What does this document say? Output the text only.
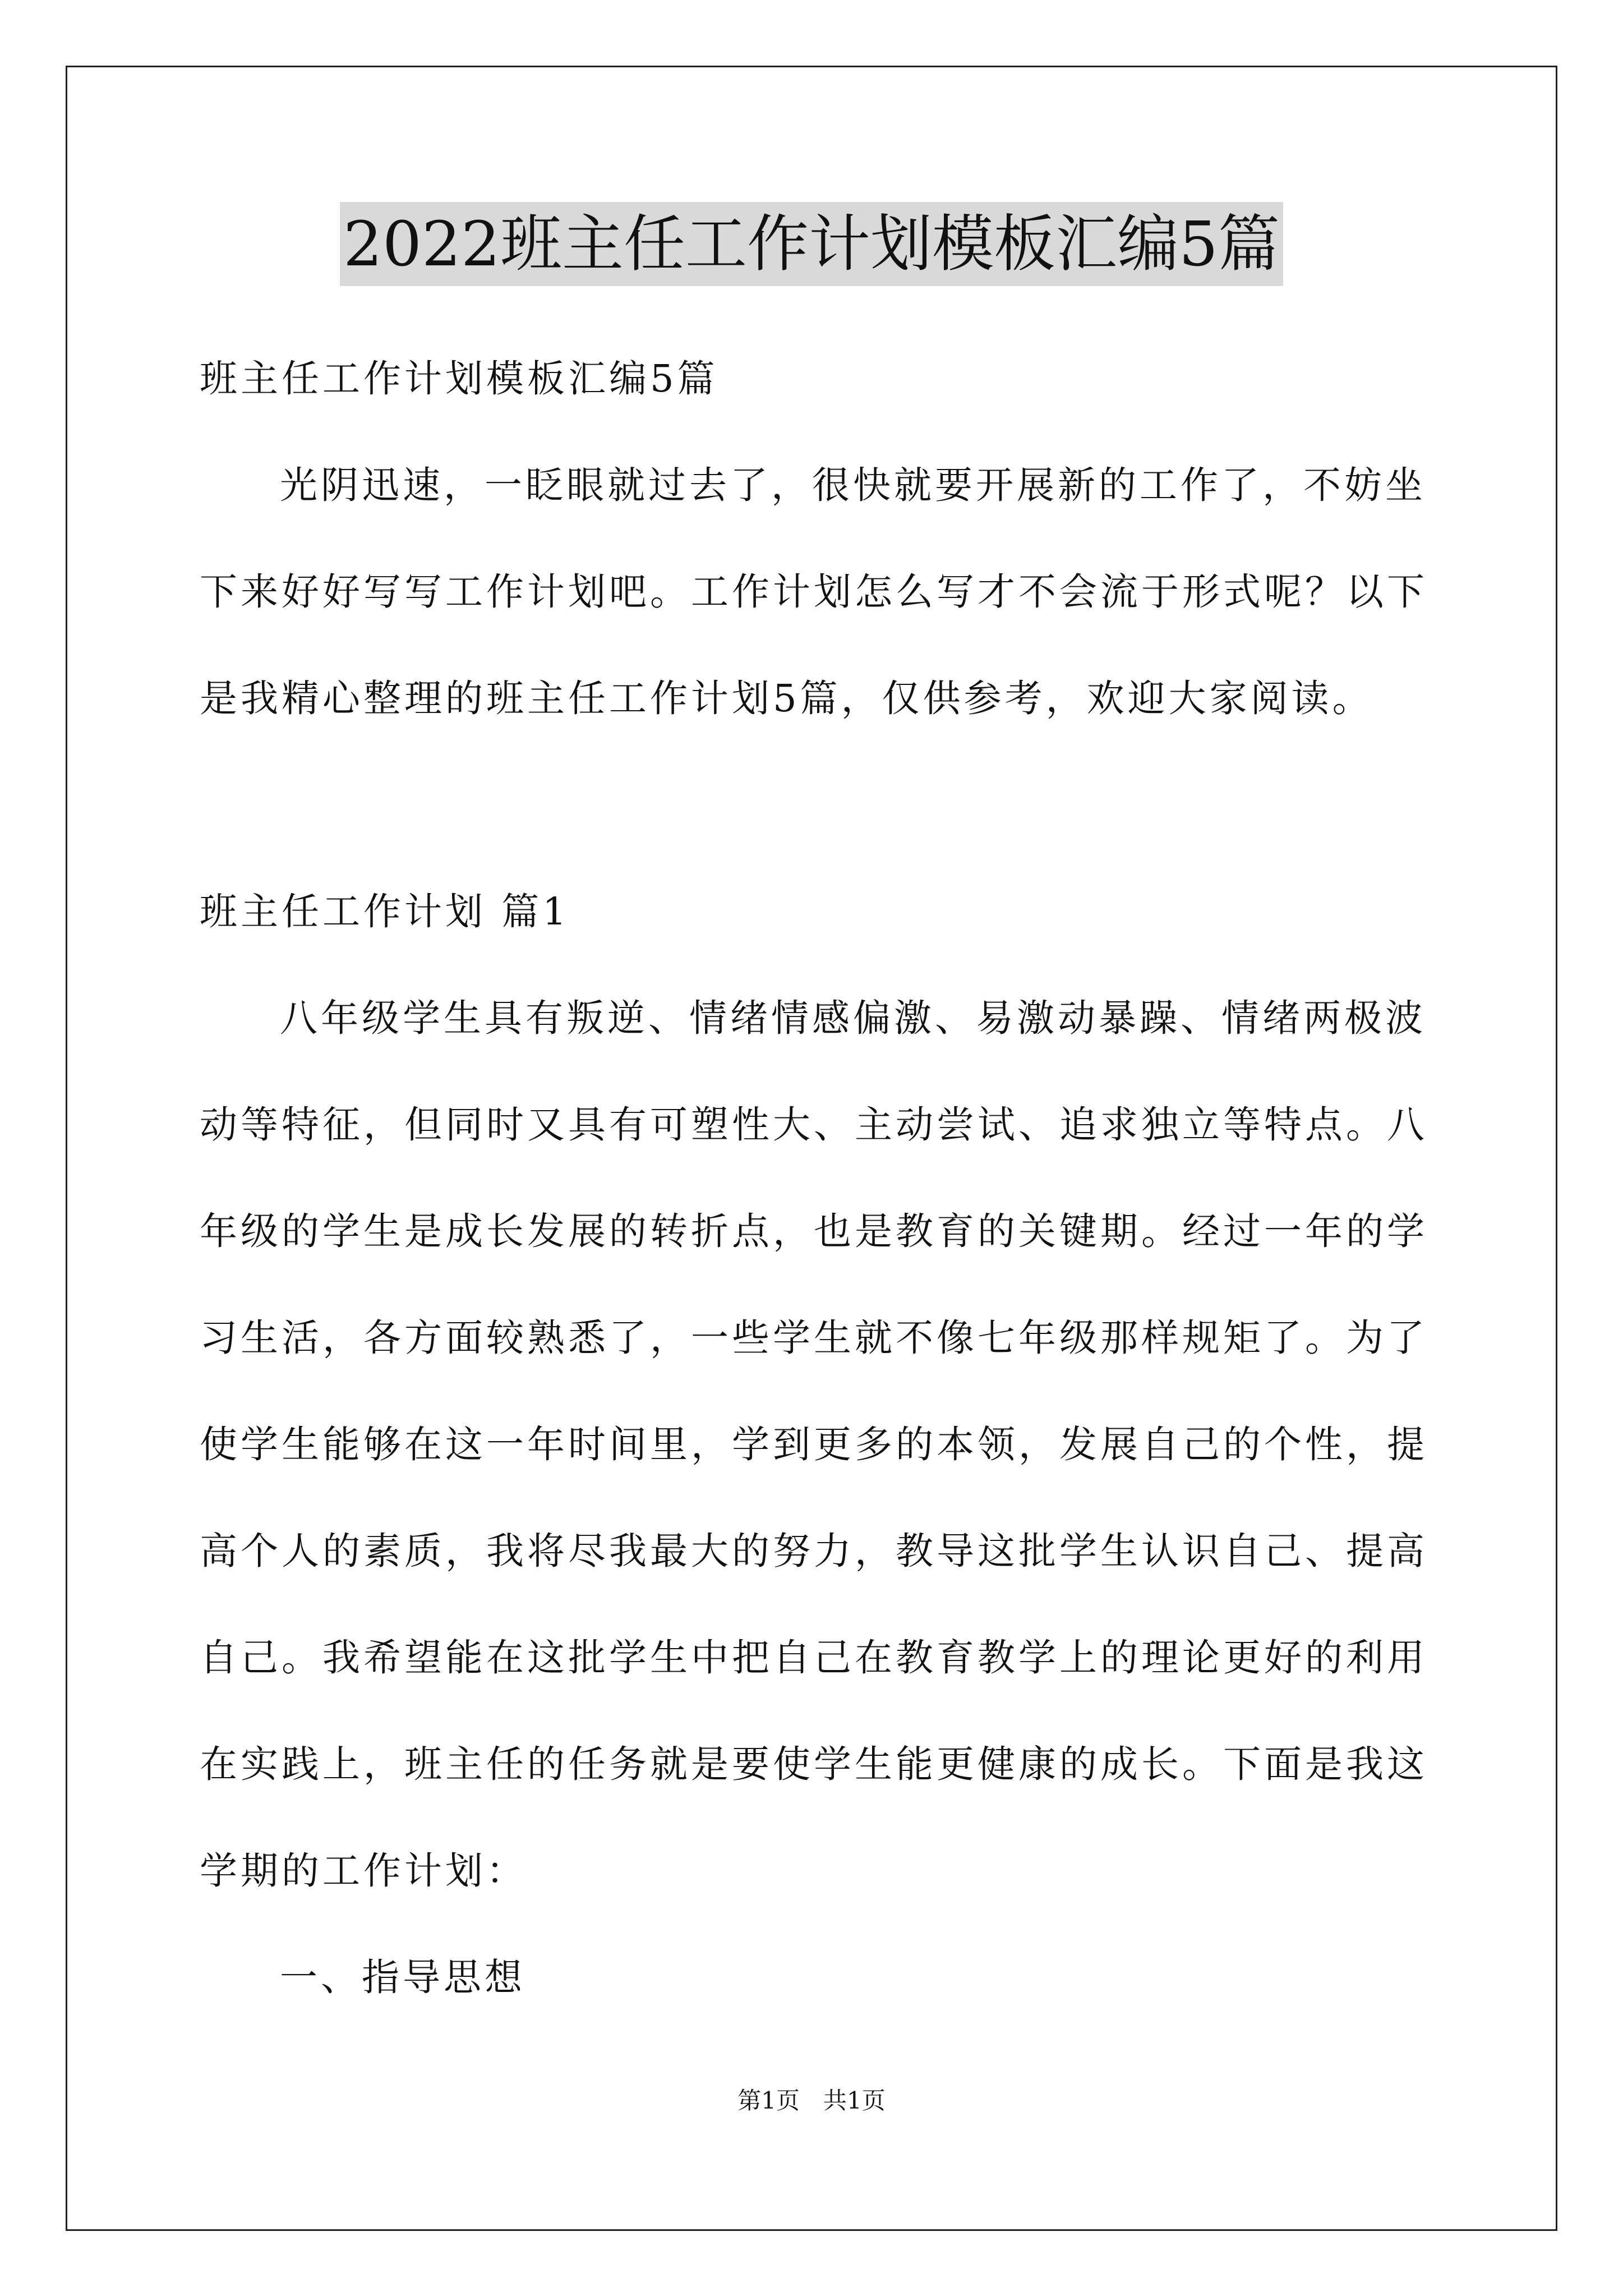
2022班主任工作计划模板汇编5篇
班主任工作计划模板汇编5篇
光阴迅速，一眨眼就过去了，很快就要开展新的工作了，不妨坐
下来好好写写工作计划吧。工作计划怎么写才不会流于形式呢？以下
是我精心整理的班主任工作计划5篇，仅供参考，欢迎大家阅读。
班主任工作计划 篇1
八年级学生具有叛逆、情绪情感偏激、易激动暴躁、情绪两极波
动等特征，但同时又具有可塑性大、主动尝试、追求独立等特点。八
年级的学生是成长发展的转折点，也是教育的关键期。经过一年的学
习生活，各方面较熟悉了，一些学生就不像七年级那样规矩了。为了
使学生能够在这一年时间里，学到更多的本领，发展自己的个性，提
高个人的素质，我将尽我最大的努力，教导这批学生认识自己、提高
自己。我希望能在这批学生中把自己在教育教学上的理论更好的利用
在实践上，班主任的任务就是要使学生能更健康的成长。下面是我这
学期的工作计划：
一、指导思想
第1页　共1页
